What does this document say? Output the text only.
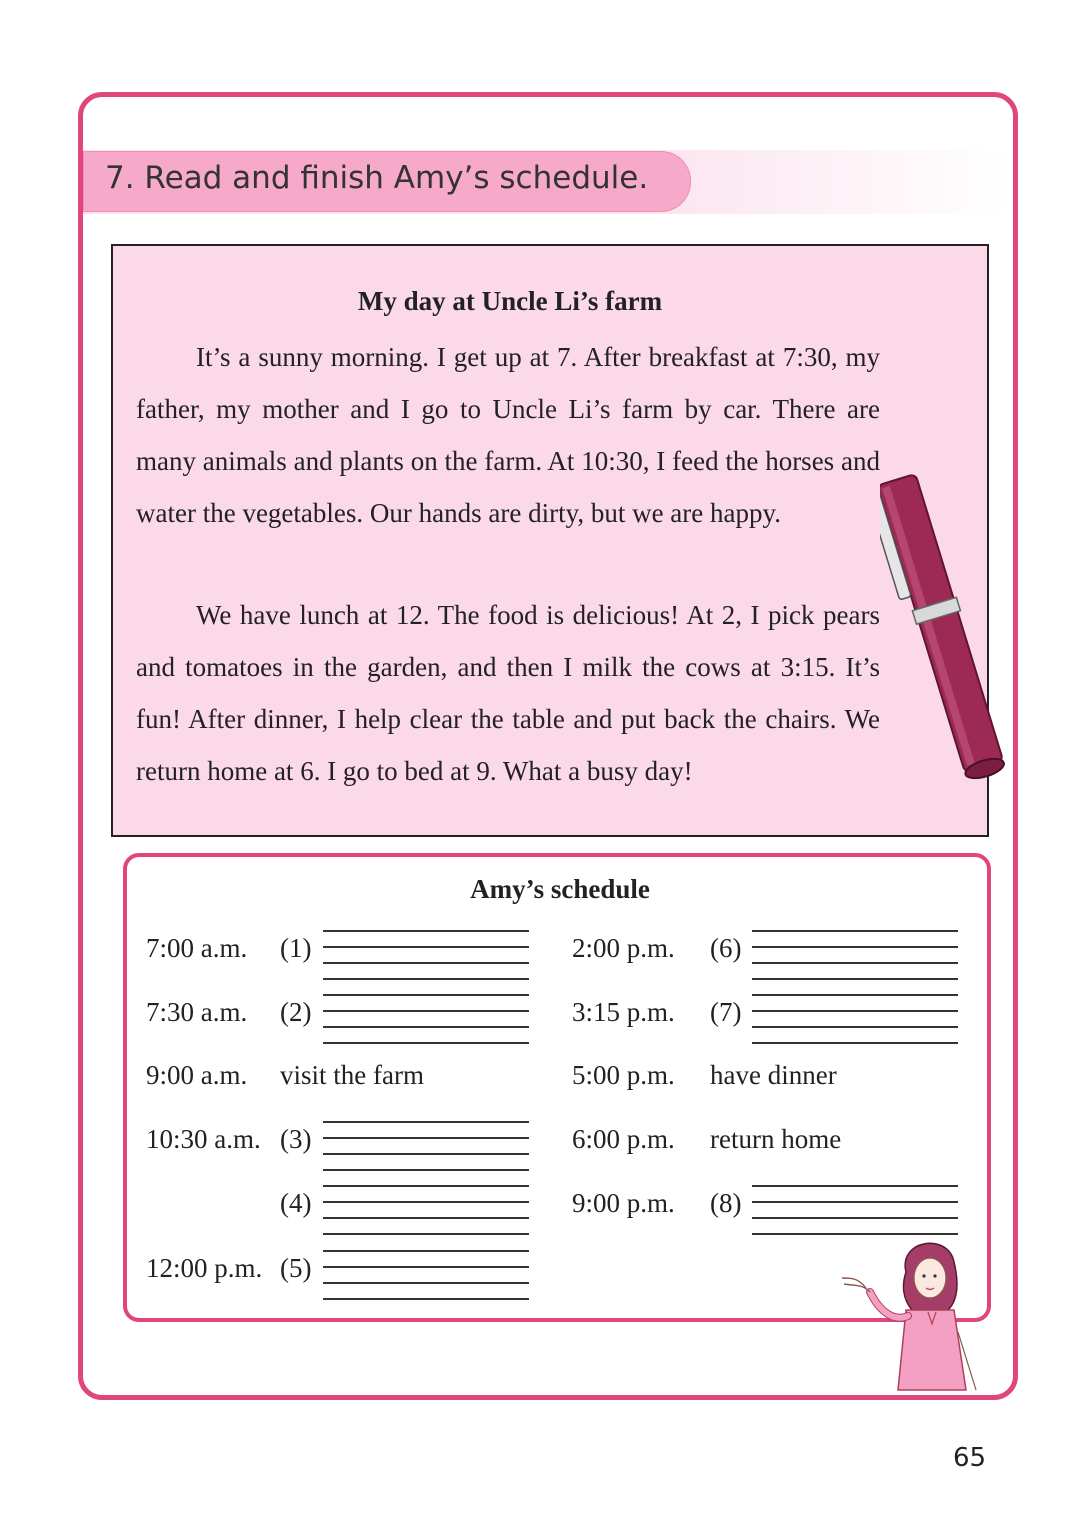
7. Read and finish Amy’s schedule.
My day at Uncle Li’s farm

It’s a sunny morning. I get up at 7. After breakfast at 7:30, my father, my mother and I go to Uncle Li’s farm by car. There are many animals and plants on the farm. At 10:30, I feed the horses and water the vegetables. Our hands are dirty, but we are happy.

We have lunch at 12. The food is delicious! At 2, I pick pears and tomatoes in the garden, and then I milk the cows at 3:15. It’s fun! After dinner, I help clear the table and put back the chairs. We return home at 6. I go to bed at 9. What a busy day!

Amy’s schedule
7:00 a.m. (1)
7:30 a.m. (2)
9:00 a.m. visit the farm
10:30 a.m. (3)
(4)
12:00 p.m. (5)
2:00 p.m. (6)
3:15 p.m. (7)
5:00 p.m. have dinner
6:00 p.m. return home
9:00 p.m. (8)
65
